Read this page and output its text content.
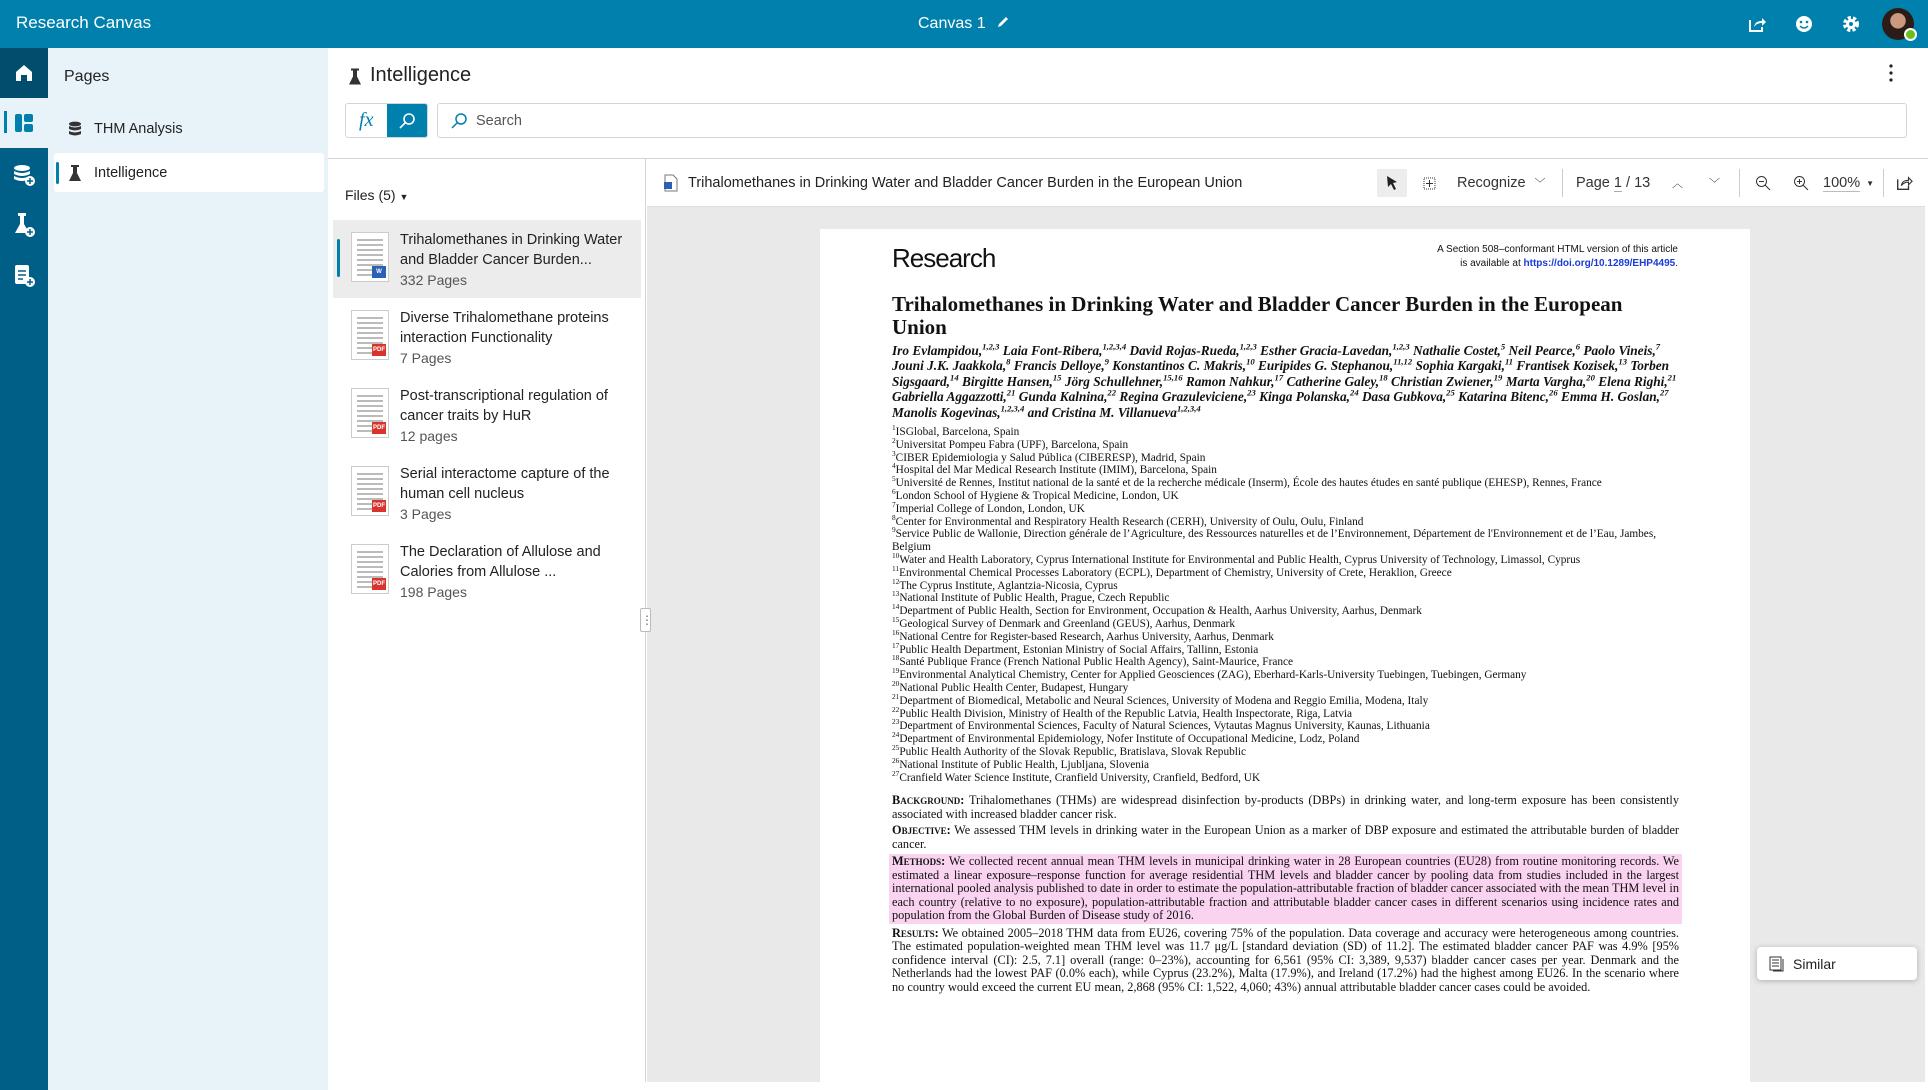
Research Canvas	Canvas 1
Pages
THM Analysis
Intelligence
Intelligence
fx
Search
Files (5) ▼
W
Trihalomethanes in Drinking Water and Bladder Cancer Burden...
332 Pages
PDF
Diverse Trihalomethane proteins interaction Functionality
7 Pages
PDF
Post-transcriptional regulation of cancer traits by HuR
12 pages
PDF
Serial interactome capture of the human cell nucleus
3 Pages
PDF
The Declaration of Allulose and Calories from Allulose ...
198 Pages
Trihalomethanes in Drinking Water and Bladder Cancer Burden in the European Union	Recognize ﹀ Page
1
/ 13 ︿ ﹀	100% ▼
Research	A Section 508–conformant HTML version of this article
is available at https://doi.org/10.1289/EHP4495.
Trihalomethanes in Drinking Water and Bladder Cancer Burden in the European Union
Iro Evlampidou,$^{1,2,3}$ Laia Font-Ribera,$^{1,2,3,4}$ David Rojas-Rueda,$^{1,2,3}$ Esther Gracia-Lavedan,$^{1,2,3}$ Nathalie Costet,$^5$ Neil Pearce,$^6$ Paolo Vineis,$^7$ Jouni J.K. Jaakkola,$^8$ Francis Delloye,$^9$ Konstantinos C. Makris,$^{10}$ Euripides G. Stephanou,$^{11,12}$ Sophia Kargaki,$^{11}$ Frantisek Kozisek,$^{13}$ Torben Sigsgaard,$^{14}$ Birgitte Hansen,$^{15}$ Jörg Schullehner,$^{15,16}$ Ramon Nahkur,$^{17}$ Catherine Galey,$^{18}$ Christian Zwiener,$^{19}$ Marta Vargha,$^{20}$ Elena Righi,$^{21}$ Gabriella Aggazzotti,$^{21}$ Gunda Kalnina,$^{22}$ Regina Grazuleviciene,$^{23}$ Kinga Polanska,$^{24}$ Dasa Gubkova,$^{25}$ Katarina Bitenc,$^{26}$ Emma H. Goslan,$^{27}$ Manolis Kogevinas,$^{1,2,3,4}$ and Cristina M. Villanueva$^{1,2,3,4}$
$^1$ISGlobal, Barcelona, Spain
$^2$Universitat Pompeu Fabra (UPF), Barcelona, Spain
$^3$CIBER Epidemiologia y Salud Pública (CIBERESP), Madrid, Spain
$^4$Hospital del Mar Medical Research Institute (IMIM), Barcelona, Spain
$^5$Université de Rennes, Institut national de la santé et de la recherche médicale (Inserm), École des hautes études en santé publique (EHESP), Rennes, France
$^6$London School of Hygiene & Tropical Medicine, London, UK
$^7$Imperial College of London, London, UK
$^8$Center for Environmental and Respiratory Health Research (CERH), University of Oulu, Oulu, Finland
$^9$Service Public de Wallonie, Direction générale de l’Agriculture, des Ressources naturelles et de l’Environnement, Département de l'Environnement et de l’Eau, Jambes, Belgium
$^{10}$Water and Health Laboratory, Cyprus International Institute for Environmental and Public Health, Cyprus University of Technology, Limassol, Cyprus
$^{11}$Environmental Chemical Processes Laboratory (ECPL), Department of Chemistry, University of Crete, Heraklion, Greece
$^{12}$The Cyprus Institute, Aglantzia-Nicosia, Cyprus
$^{13}$National Institute of Public Health, Prague, Czech Republic
$^{14}$Department of Public Health, Section for Environment, Occupation & Health, Aarhus University, Aarhus, Denmark
$^{15}$Geological Survey of Denmark and Greenland (GEUS), Aarhus, Denmark
$^{16}$National Centre for Register-based Research, Aarhus University, Aarhus, Denmark
$^{17}$Public Health Department, Estonian Ministry of Social Affairs, Tallinn, Estonia
$^{18}$Santé Publique France (French National Public Health Agency), Saint-Maurice, France
$^{19}$Environmental Analytical Chemistry, Center for Applied Geosciences (ZAG), Eberhard-Karls-University Tuebingen, Tuebingen, Germany
$^{20}$National Public Health Center, Budapest, Hungary
$^{21}$Department of Biomedical, Metabolic and Neural Sciences, University of Modena and Reggio Emilia, Modena, Italy
$^{22}$Public Health Division, Ministry of Health of the Republic Latvia, Health Inspectorate, Riga, Latvia
$^{23}$Department of Environmental Sciences, Faculty of Natural Sciences, Vytautas Magnus University, Kaunas, Lithuania
$^{24}$Department of Environmental Epidemiology, Nofer Institute of Occupational Medicine, Lodz, Poland
$^{25}$Public Health Authority of the Slovak Republic, Bratislava, Slovak Republic
$^{26}$National Institute of Public Health, Ljubljana, Slovenia
$^{27}$Cranfield Water Science Institute, Cranfield University, Cranfield, Bedford, UK

Background: Trihalomethanes (THMs) are widespread disinfection by-products (DBPs) in drinking water, and long-term exposure has been consistently associated with increased bladder cancer risk.

Objective: We assessed THM levels in drinking water in the European Union as a marker of DBP exposure and estimated the attributable burden of bladder cancer.

Methods: We collected recent annual mean THM levels in municipal drinking water in 28 European countries (EU28) from routine monitoring records. We estimated a linear exposure–response function for average residential THM levels and bladder cancer by pooling data from studies included in the largest international pooled analysis published to date in order to estimate the population-attributable fraction of bladder cancer associated with the mean THM level in each country (relative to no exposure), population-attributable fraction and attributable bladder cancer cases in different scenarios using incidence rates and population from the Global Burden of Disease study of 2016.

Results: We obtained 2005–2018 THM data from EU26, covering 75% of the population. Data coverage and accuracy were heterogeneous among countries. The estimated population-weighted mean THM level was 11.7 μg/L [standard deviation (SD) of 11.2]. The estimated bladder cancer PAF was 4.9% [95% confidence interval (CI): 2.5, 7.1] overall (range: 0–23%), accounting for 6,561 (95% CI: 3,389, 9,537) bladder cancer cases per year. Denmark and the Netherlands had the lowest PAF (0.0% each), while Cyprus (23.2%), Malta (17.9%), and Ireland (17.2%) had the highest among EU26. In the scenario where no country would exceed the current EU mean, 2,868 (95% CI: 1,522, 4,060; 43%) annual attributable bladder cancer cases could be avoided.

Similar
⋮
